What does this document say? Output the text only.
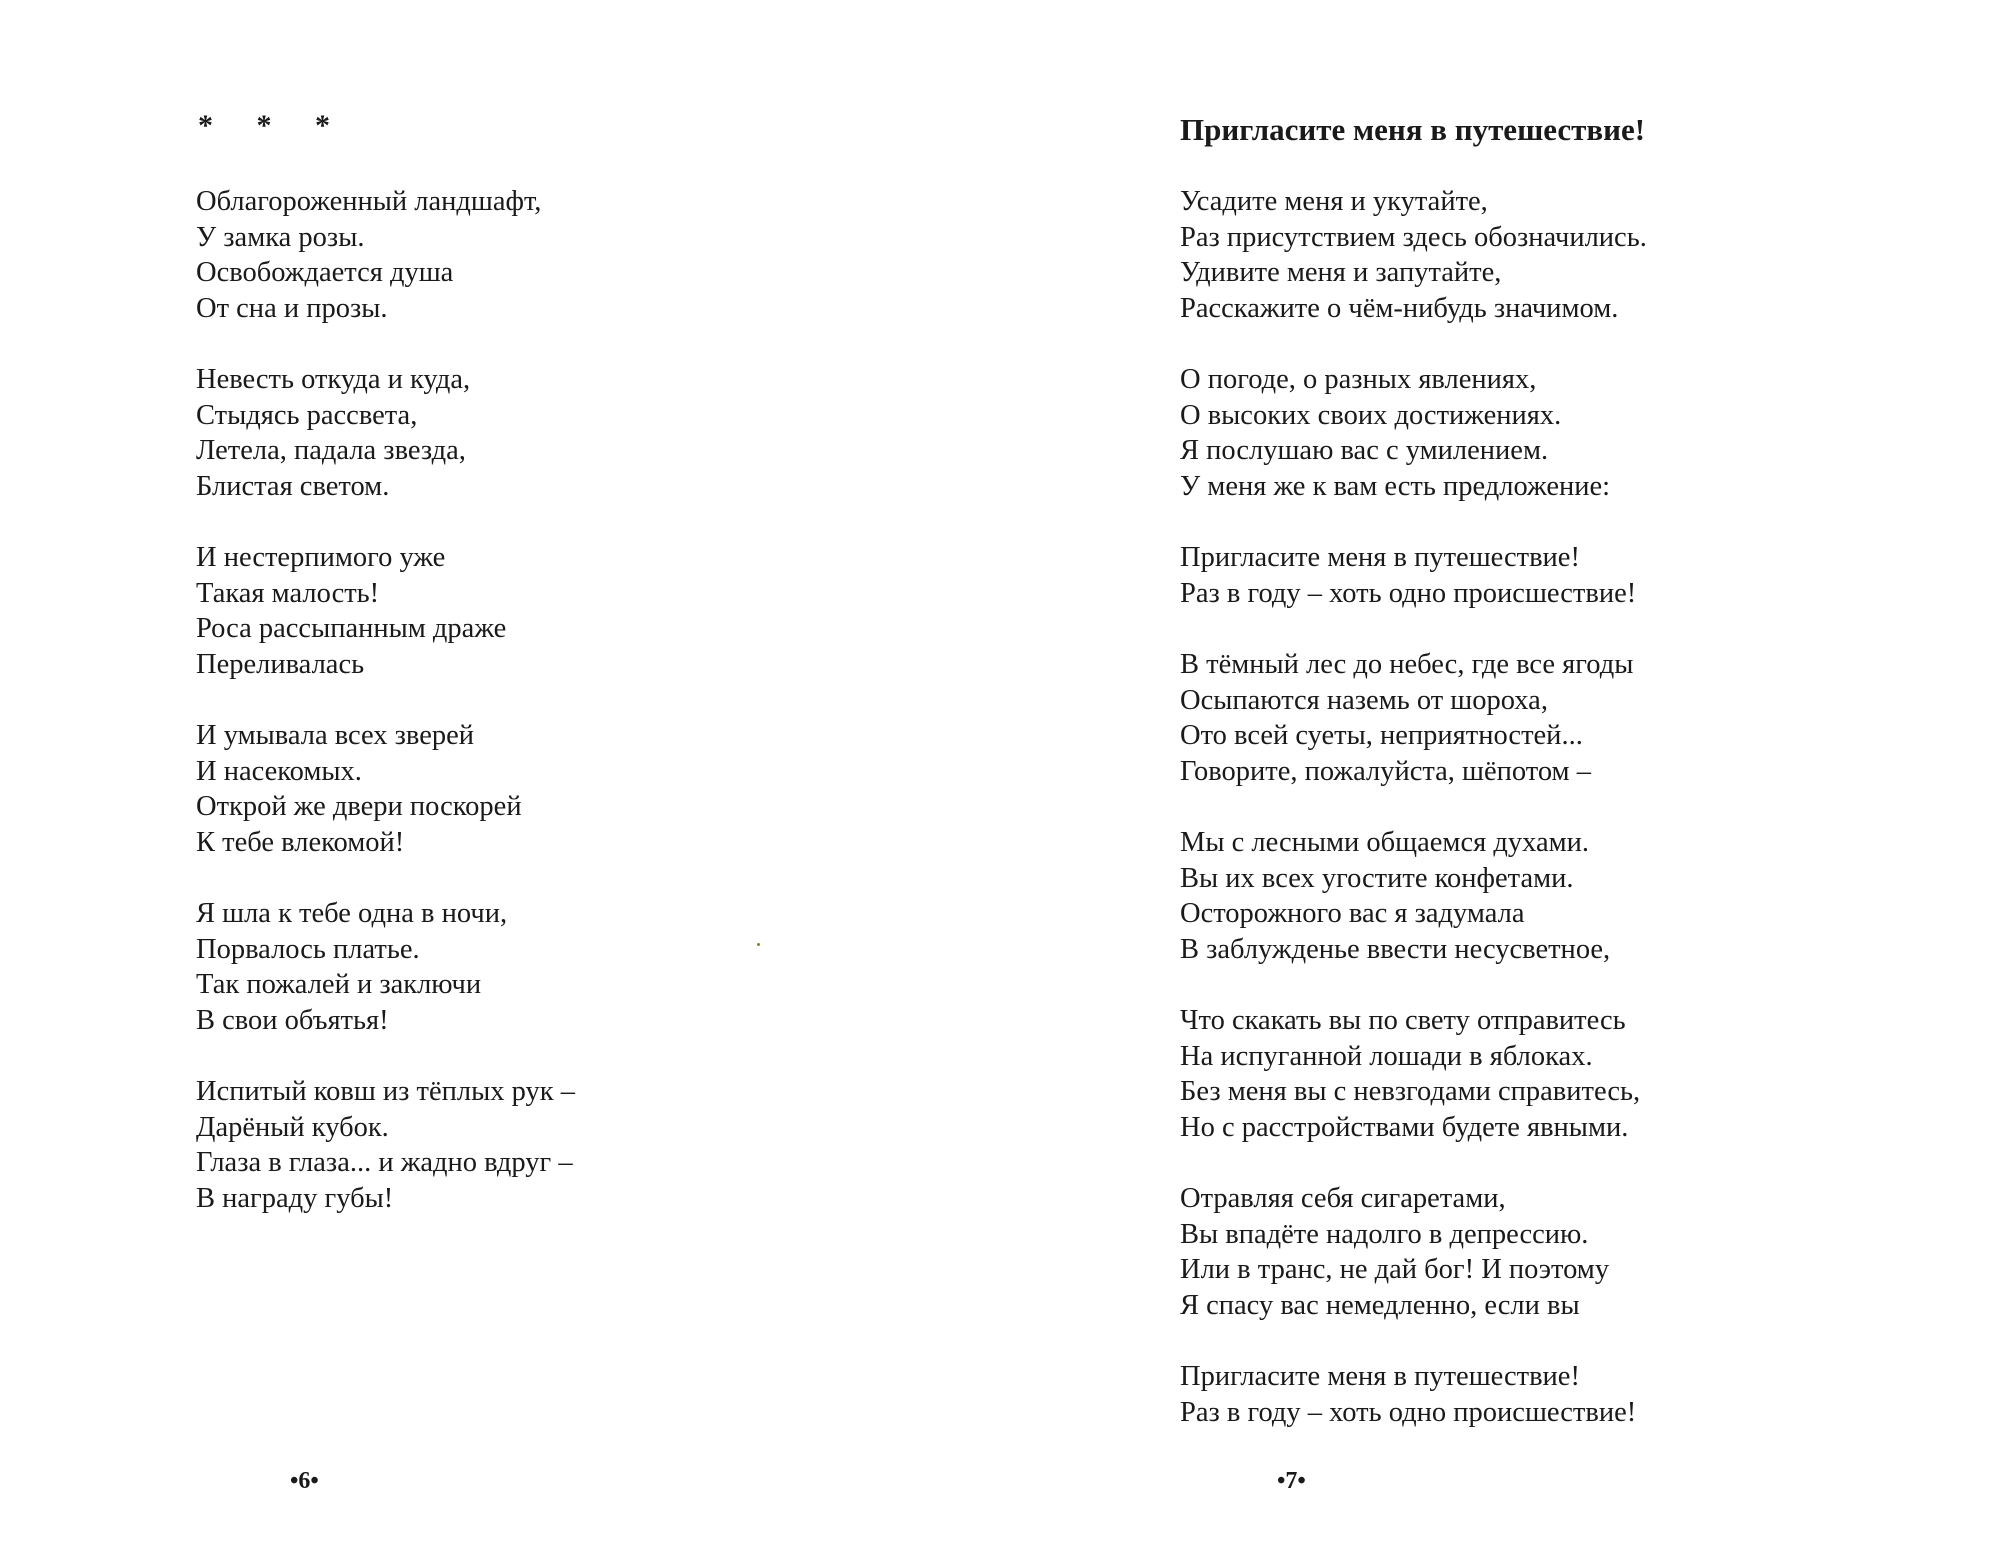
* * *
Облагороженный ландшафт,
У замка розы.
Освобождается душа
От сна и прозы.
Невесть откуда и куда,
Стыдясь рассвета,
Летела, падала звезда,
Блистая светом.
И нестерпимого уже
Такая малость!
Роса рассыпанным драже
Переливалась
И умывала всех зверей
И насекомых.
Открой же двери поскорей
К тебе влекомой!
Я шла к тебе одна в ночи,
Порвалось платье.
Так пожалей и заключи
В свои объятья!
Испитый ковш из тёплых рук –
Дарёный кубок.
Глаза в глаза... и жадно вдруг –
В награду губы!
•6•
Пригласите меня в путешествие!
Усадите меня и укутайте,
Раз присутствием здесь обозначились.
Удивите меня и запутайте,
Расскажите о чём-нибудь значимом.
О погоде, о разных явлениях,
О высоких своих достижениях.
Я послушаю вас с умилением.
У меня же к вам есть предложение:
Пригласите меня в путешествие!
Раз в году – хоть одно происшествие!
В тёмный лес до небес, где все ягоды
Осыпаются наземь от шороха,
Ото всей суеты, неприятностей...
Говорите, пожалуйста, шёпотом –
Мы с лесными общаемся духами.
Вы их всех угостите конфетами.
Осторожного вас я задумала
В заблужденье ввести несусветное,
Что скакать вы по свету отправитесь
На испуганной лошади в яблоках.
Без меня вы с невзгодами справитесь,
Но с расстройствами будете явными.
Отравляя себя сигаретами,
Вы впадёте надолго в депрессию.
Или в транс, не дай бог! И поэтому
Я спасу вас немедленно, если вы
Пригласите меня в путешествие!
Раз в году – хоть одно происшествие!
•7•
